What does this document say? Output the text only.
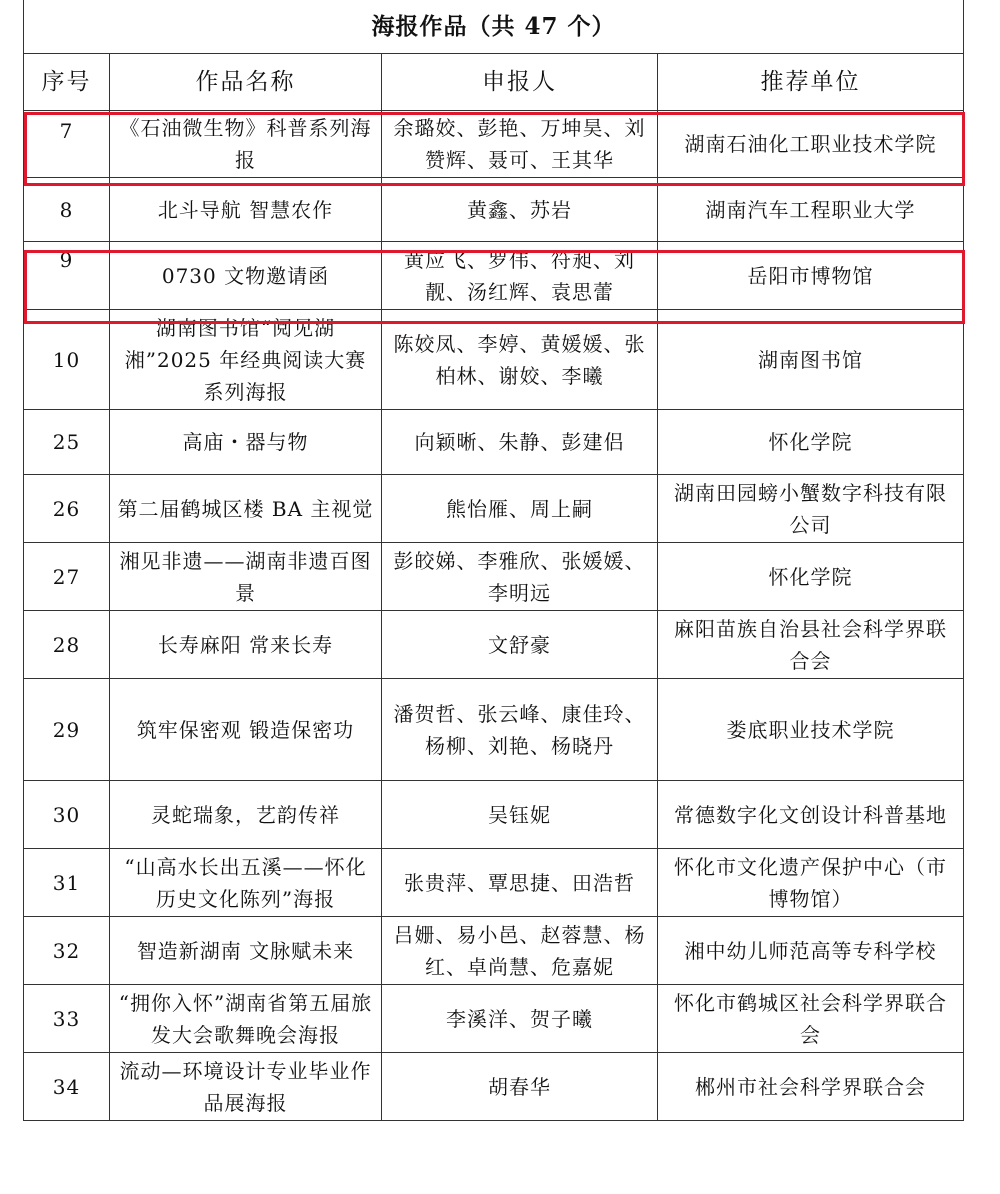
海报作品（共 47 个）			
序号	作品名称	申报人	推荐单位
7	《石油微生物》科普系列海报	余璐姣、彭艳、万坤昊、刘赞辉、聂可、王其华	湖南石油化工职业技术学院
8	北斗导航 智慧农作	黄鑫、苏岩	湖南汽车工程职业大学
9	0730 文物邀请函	黄应飞、罗伟、符昶、刘靓、汤红辉、袁思蕾	岳阳市博物馆
10	湖南图书馆“阅见湖湘”2025 年经典阅读大赛系列海报	陈姣凤、李婷、黄媛媛、张柏林、谢姣、李曦	湖南图书馆
25	高庙・器与物	向颖晰、朱静、彭建侣	怀化学院
26	第二届鹤城区楼 BA 主视觉	熊怡雁、周上嗣	湖南田园螃小蟹数字科技有限公司
27	湘见非遗——湖南非遗百图景	彭皎娣、李雅欣、张媛媛、李明远	怀化学院
28	长寿麻阳 常来长寿	文舒豪	麻阳苗族自治县社会科学界联合会
29	筑牢保密观 锻造保密功	潘贺哲、张云峰、康佳玲、杨柳、刘艳、杨晓丹	娄底职业技术学院
30	灵蛇瑞象，艺韵传祥	吴钰妮	常德数字化文创设计科普基地
31	“山高水长出五溪——怀化历史文化陈列”海报	张贵萍、覃思捷、田浩哲	怀化市文化遗产保护中心（市博物馆）
32	智造新湖南 文脉赋未来	吕姗、易小邑、赵蓉慧、杨红、卓尚慧、危嘉妮	湘中幼儿师范高等专科学校
33	“拥你入怀”湖南省第五届旅发大会歌舞晚会海报	李溪洋、贺子曦	怀化市鹤城区社会科学界联合会
34	流动—环境设计专业毕业作品展海报	胡春华	郴州市社会科学界联合会
